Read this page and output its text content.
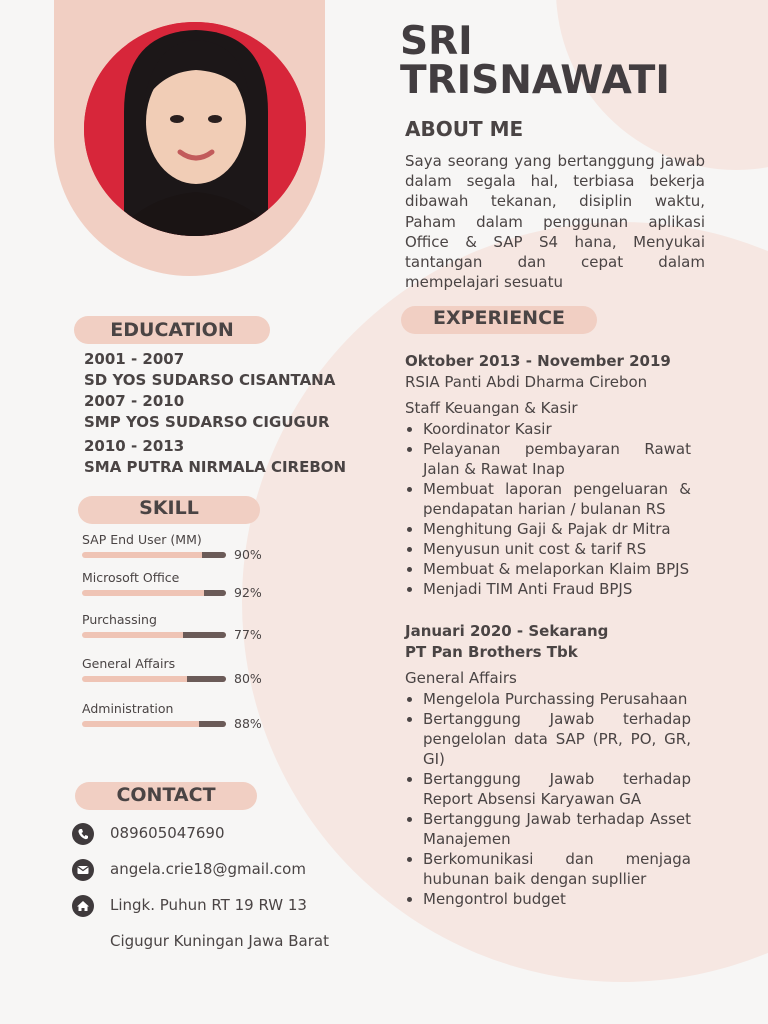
SRI
TRISNAWATI
ABOUT ME
Saya seorang yang bertanggung jawab dalam segala hal, terbiasa bekerja dibawah tekanan, disiplin waktu, Paham dalam penggunan aplikasi Office & SAP S4 hana, Menyukai tantangan dan cepat dalam mempelajari sesuatu
EDUCATION
2001 - 2007
SD YOS SUDARSO CISANTANA
2007 - 2010
SMP YOS SUDARSO CIGUGUR
2010 - 2013
SMA PUTRA NIRMALA CIREBON
SKILL
SAP End User (MM)
90%
Microsoft Office
92%
Purchassing
77%
General Affairs
80%
Administration
88%
CONTACT
089605047690
angela.crie18@gmail.com
Lingk. Puhun RT 19 RW 13
Cigugur Kuningan Jawa Barat
EXPERIENCE
Oktober 2013 - November 2019
RSIA Panti Abdi Dharma Cirebon
Staff Keuangan & Kasir
• Koordinator Kasir
• Pelayanan pembayaran Rawat Jalan & Rawat Inap
• Membuat laporan pengeluaran & pendapatan harian / bulanan RS
• Menghitung Gaji & Pajak dr Mitra
• Menyusun unit cost & tarif RS
• Membuat & melaporkan Klaim BPJS
• Menjadi TIM Anti Fraud BPJS
Januari 2020 - Sekarang
PT Pan Brothers Tbk
General Affairs
• Mengelola Purchassing Perusahaan
• Bertanggung Jawab terhadap pengelolan data SAP (PR, PO, GR, GI)
• Bertanggung Jawab terhadap Report Absensi Karyawan GA
• Bertanggung Jawab terhadap Asset Manajemen
• Berkomunikasi dan menjaga hubunan baik dengan supllier
• Mengontrol budget
